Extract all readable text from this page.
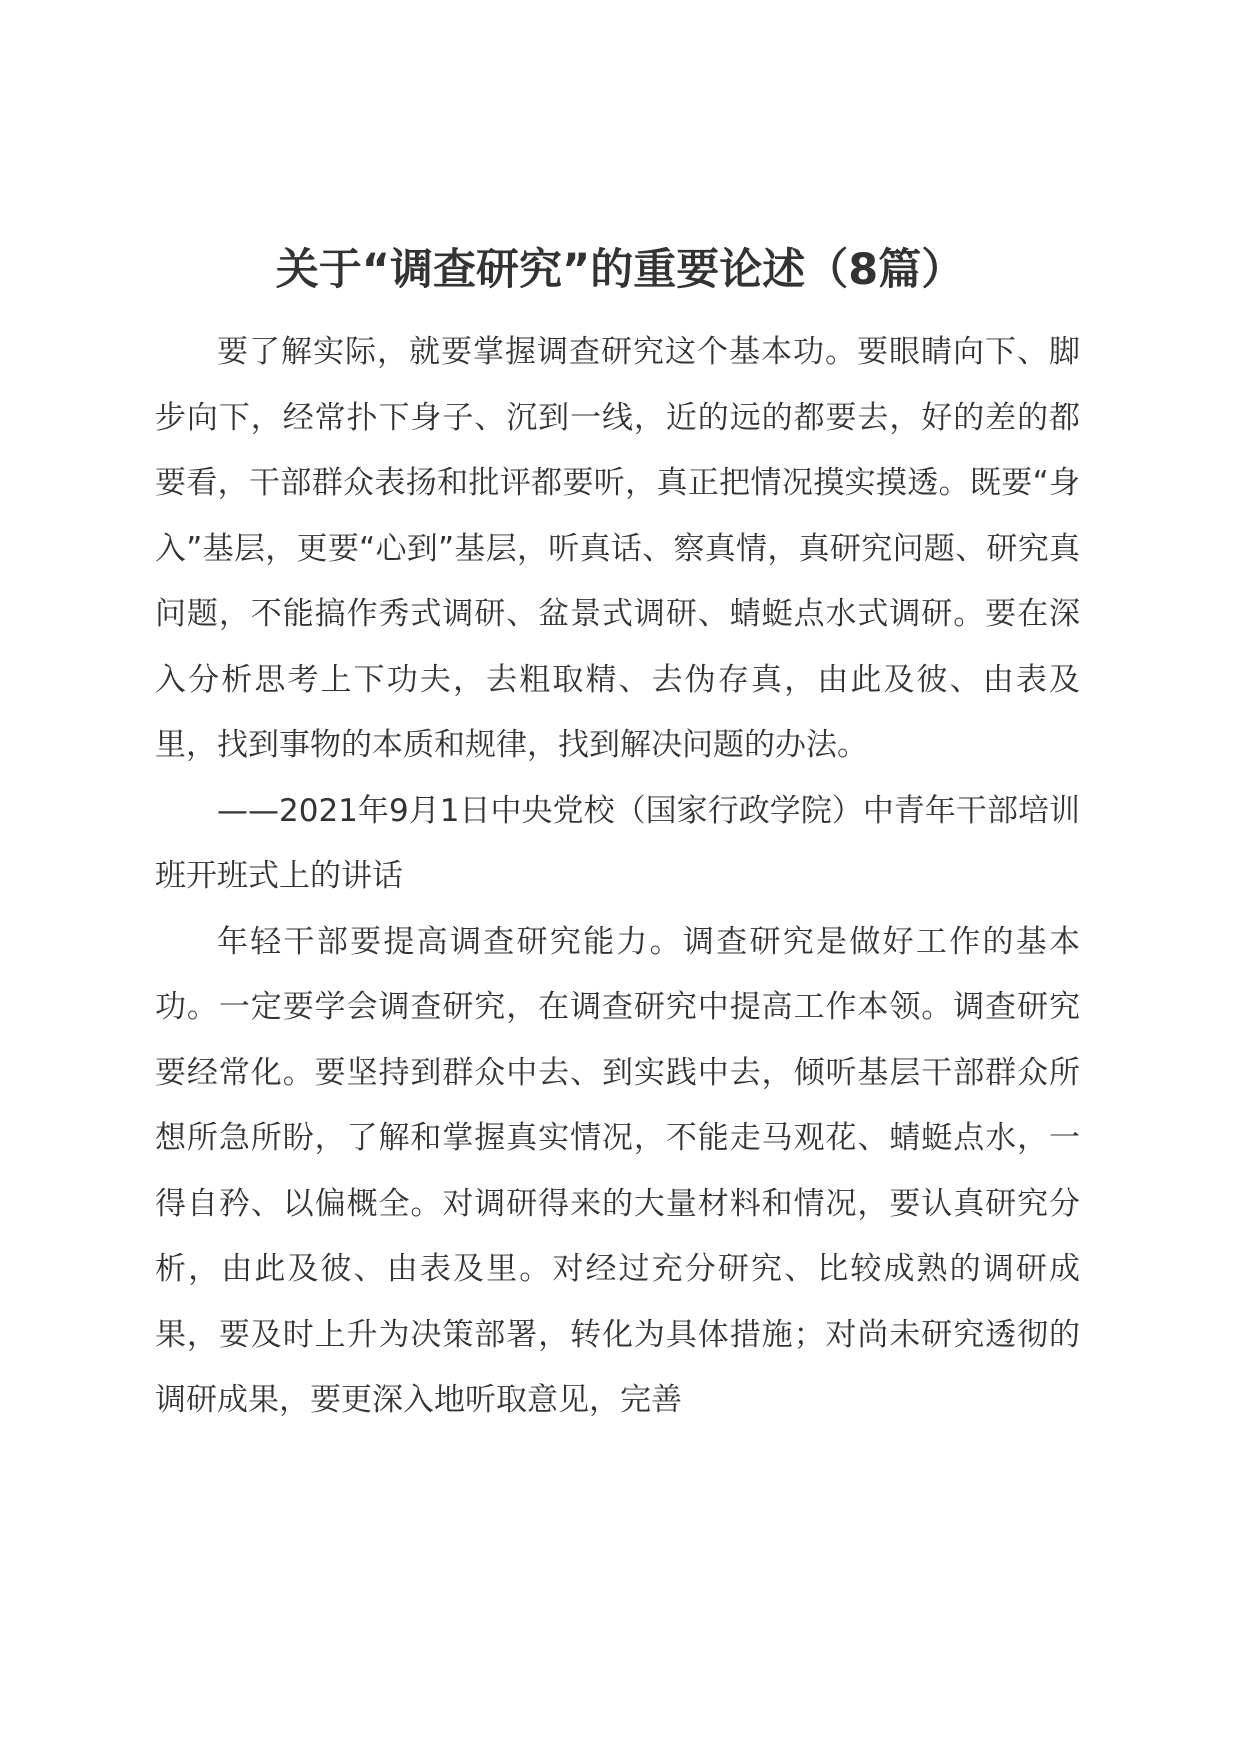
关于“调查研究”的重要论述（8篇）

要了解实际，就要掌握调查研究这个基本功。要眼睛向下、脚步向下，经常扑下身子、沉到一线，近的远的都要去，好的差的都要看，干部群众表扬和批评都要听，真正把情况摸实摸透。既要“身入”基层，更要“心到”基层，听真话、察真情，真研究问题、研究真问题，不能搞作秀式调研、盆景式调研、蜻蜓点水式调研。要在深入分析思考上下功夫，去粗取精、去伪存真，由此及彼、由表及里，找到事物的本质和规律，找到解决问题的办法。

——2021年9月1日中央党校（国家行政学院）中青年干部培训班开班式上的讲话

年轻干部要提高调查研究能力。调查研究是做好工作的基本功。一定要学会调查研究，在调查研究中提高工作本领。调查研究要经常化。要坚持到群众中去、到实践中去，倾听基层干部群众所想所急所盼，了解和掌握真实情况，不能走马观花、蜻蜓点水，一得自矜、以偏概全。对调研得来的大量材料和情况，要认真研究分析，由此及彼、由表及里。对经过充分研究、比较成熟的调研成果，要及时上升为决策部署，转化为具体措施；对尚未研究透彻的调研成果，要更深入地听取意见，完善
